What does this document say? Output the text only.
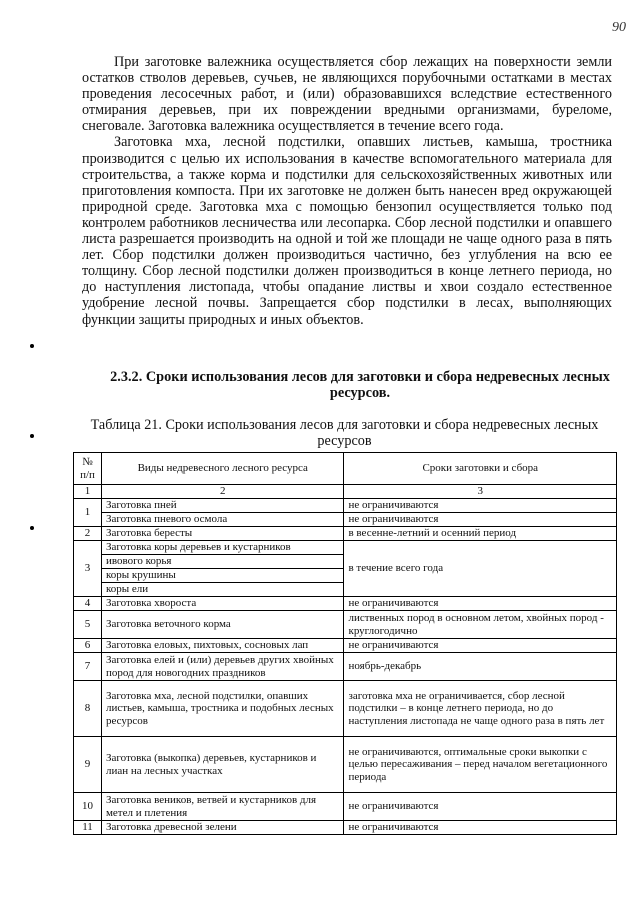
90

При заготовке валежника осуществляется сбор лежащих на поверхности земли остатков стволов деревьев, сучьев, не являющихся порубочными остатками в местах проведения лесосечных работ, и (или) образовавшихся вследствие естественного отмирания деревьев, при их повреждении вредными организмами, буреломе, снеговале. Заготовка валежника осуществляется в течение всего года.

Заготовка мха, лесной подстилки, опавших листьев, камыша, тростника производится с целью их использования в качестве вспомогательного материала для строительства, а также корма и подстилки для сельскохозяйственных животных или приготовления компоста. При их заготовке не должен быть нанесен вред окружающей природной среде. Заготовка мха с помощью бензопил осуществляется только под контролем работников лесничества или лесопарка. Сбор лесной подстилки и опавшего листа разрешается производить на одной и той же площади не чаще одного раза в пять лет. Сбор подстилки должен производиться частично, без углубления на всю ее толщину. Сбор лесной подстилки должен производиться в конце летнего периода, но до наступления листопада, чтобы опадание листвы и хвои создало естественное удобрение лесной почвы. Запрещается сбор подстилки в лесах, выполняющих функции защиты природных и иных объектов.

2.3.2. Сроки использования лесов для заготовки и сбора недревесных лесных ресурсов.
Таблица 21. Сроки использования лесов для заготовки и сбора недревесных лесных ресурсов
№ п/п	Виды недревесного лесного ресурса	Сроки заготовки и сбора
1	2	3
1	Заготовка пней	не ограничиваются
	Заготовка пневого осмола	не ограничиваются
2	Заготовка бересты	в весенне-летний и осенний период
3	Заготовка коры деревьев и кустарников	в течение всего года
	ивового корья	
	коры крушины	
	коры ели	
4	Заготовка хвороста	не ограничиваются
5	Заготовка веточного корма	лиственных пород в основном летом, хвойных пород - круглогодично
6	Заготовка еловых, пихтовых, сосновых лап	не ограничиваются
7	Заготовка елей и (или) деревьев других хвойных пород для новогодних праздников	ноябрь-декабрь
8	Заготовка мха, лесной подстилки, опавших листьев, камыша, тростника и подобных лесных ресурсов	заготовка мха не ограничивается, сбор лесной подстилки – в конце летнего периода, но до наступления листопада не чаще одного раза в пять лет
9	Заготовка (выкопка) деревьев, кустарников и лиан на лесных участках	не ограничиваются, оптимальные сроки выкопки с целью пересаживания – перед началом вегетационного периода
10	Заготовка веников, ветвей и кустарников для метел и плетения	не ограничиваются
11	Заготовка древесной зелени	не ограничиваются
